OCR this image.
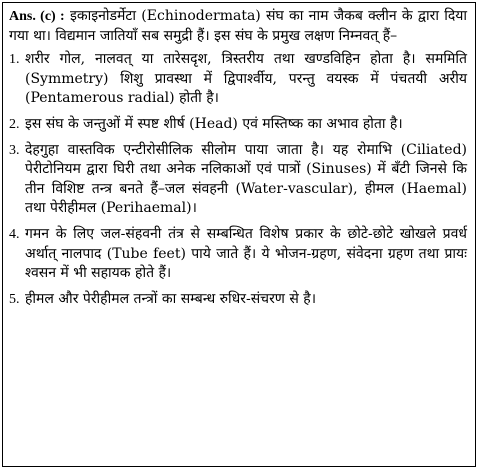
Ans. (c) : इकाइनोडर्मेटा (Echinodermata) संघ का नाम जैकब क्लीन के द्वारा दिया गया था। विद्यमान जातियाँ सब समुद्री हैं। इस संघ के प्रमुख लक्षण निम्नवत् हैं–

1. शरीर गोल, नालवत् या तारेसदृश, त्रिस्तरीय तथा खण्डविहिन होता है। सममिति (Symmetry) शिशु प्रावस्था में द्विपार्श्वीय, परन्तु वयस्क में पंचतयी अरीय (Pentamerous radial) होती है।
2. इस संघ के जन्तुओं में स्पष्ट शीर्ष (Head) एवं मस्तिष्क का अभाव होता है।
3. देहगुहा वास्तविक एन्टीरोसीलिक सीलोम पाया जाता है। यह रोमाभि (Ciliated) पेरीटोनियम द्वारा घिरी तथा अनेक नलिकाओं एवं पात्रों (Sinuses) में बँटी जिनसे कि तीन विशिष्ट तन्त्र बनते हैं–जल संवहनी (Water-vascular), हीमल (Haemal) तथा पेरीहीमल (Perihaemal)।
4. गमन के लिए जल-संहवनी तंत्र से सम्बन्धित विशेष प्रकार के छोटे-छोटे खोखले प्रवर्ध अर्थात् नालपाद (Tube feet) पाये जाते हैं। ये भोजन-ग्रहण, संवेदना ग्रहण तथा प्रायः श्वसन में भी सहायक होते हैं।
5. हीमल और पेरीहीमल तन्त्रों का सम्बन्ध रुधिर-संचरण से है।
